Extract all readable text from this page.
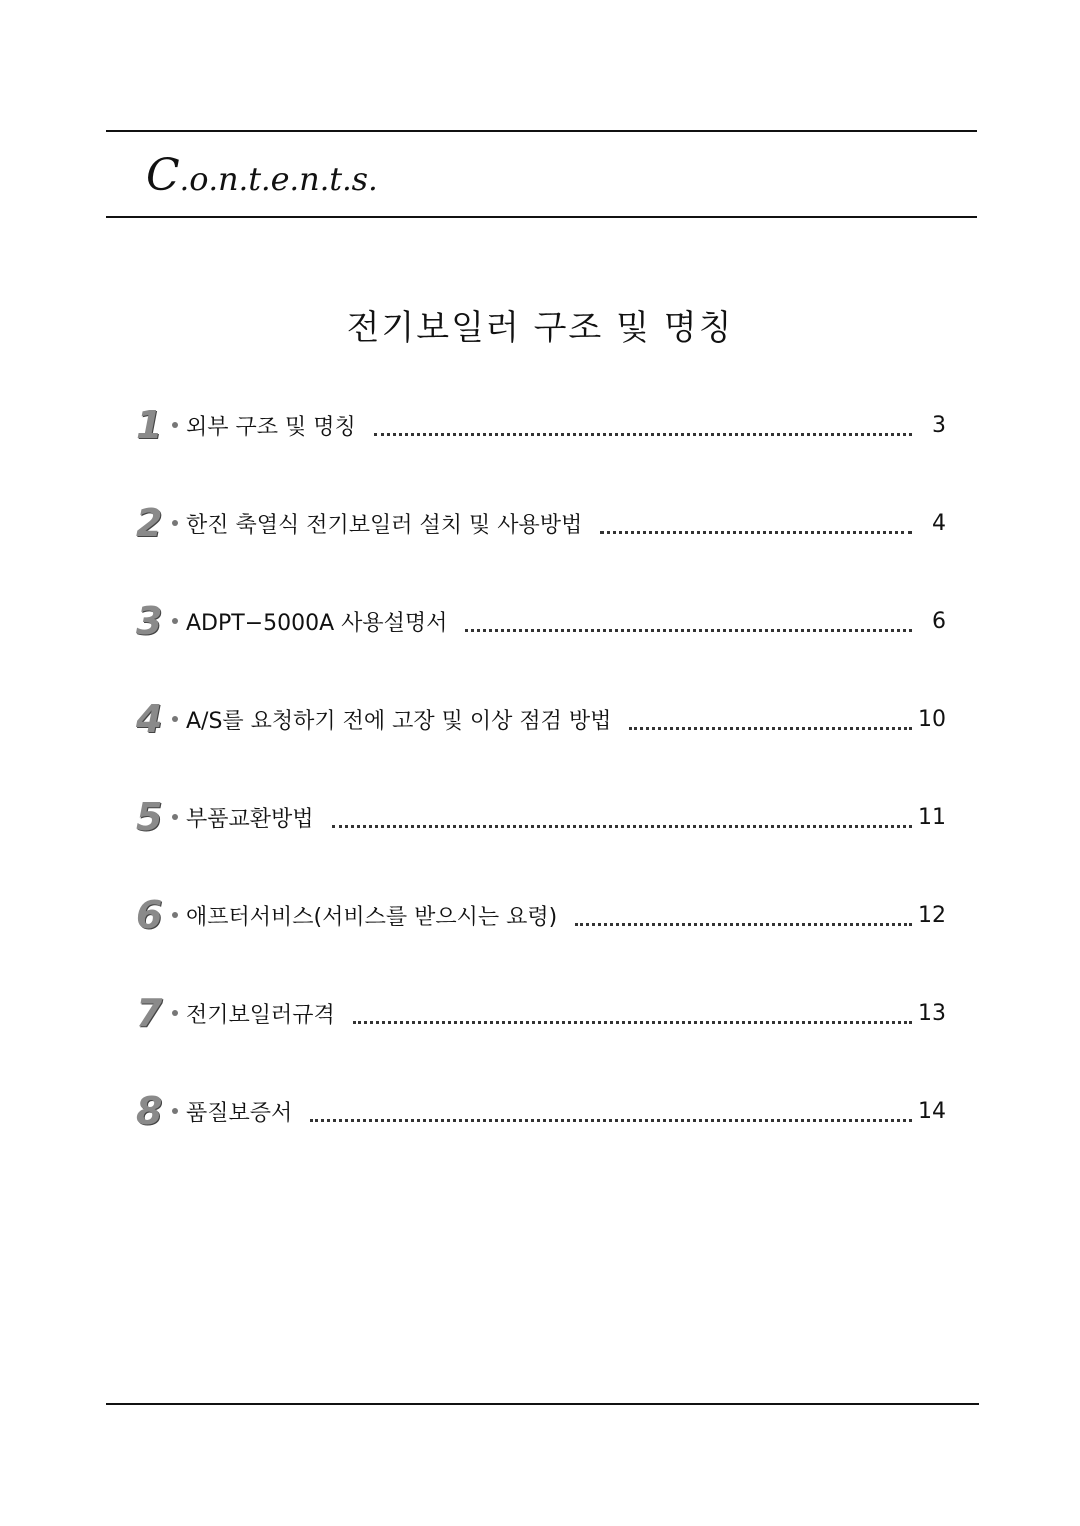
C.o.n.t.e.n.t.s.
전기보일러 구조 및 명칭
1 외부 구조 및 명칭	3
2 한진 축열식 전기보일러 설치 및 사용방법	4
3 ADPT−5000A 사용설명서	6
4 A/S를 요청하기 전에 고장 및 이상 점검 방법	10
5 부품교환방법	11
6 애프터서비스(서비스를 받으시는 요령)	12
7 전기보일러규격	13
8 품질보증서	14
